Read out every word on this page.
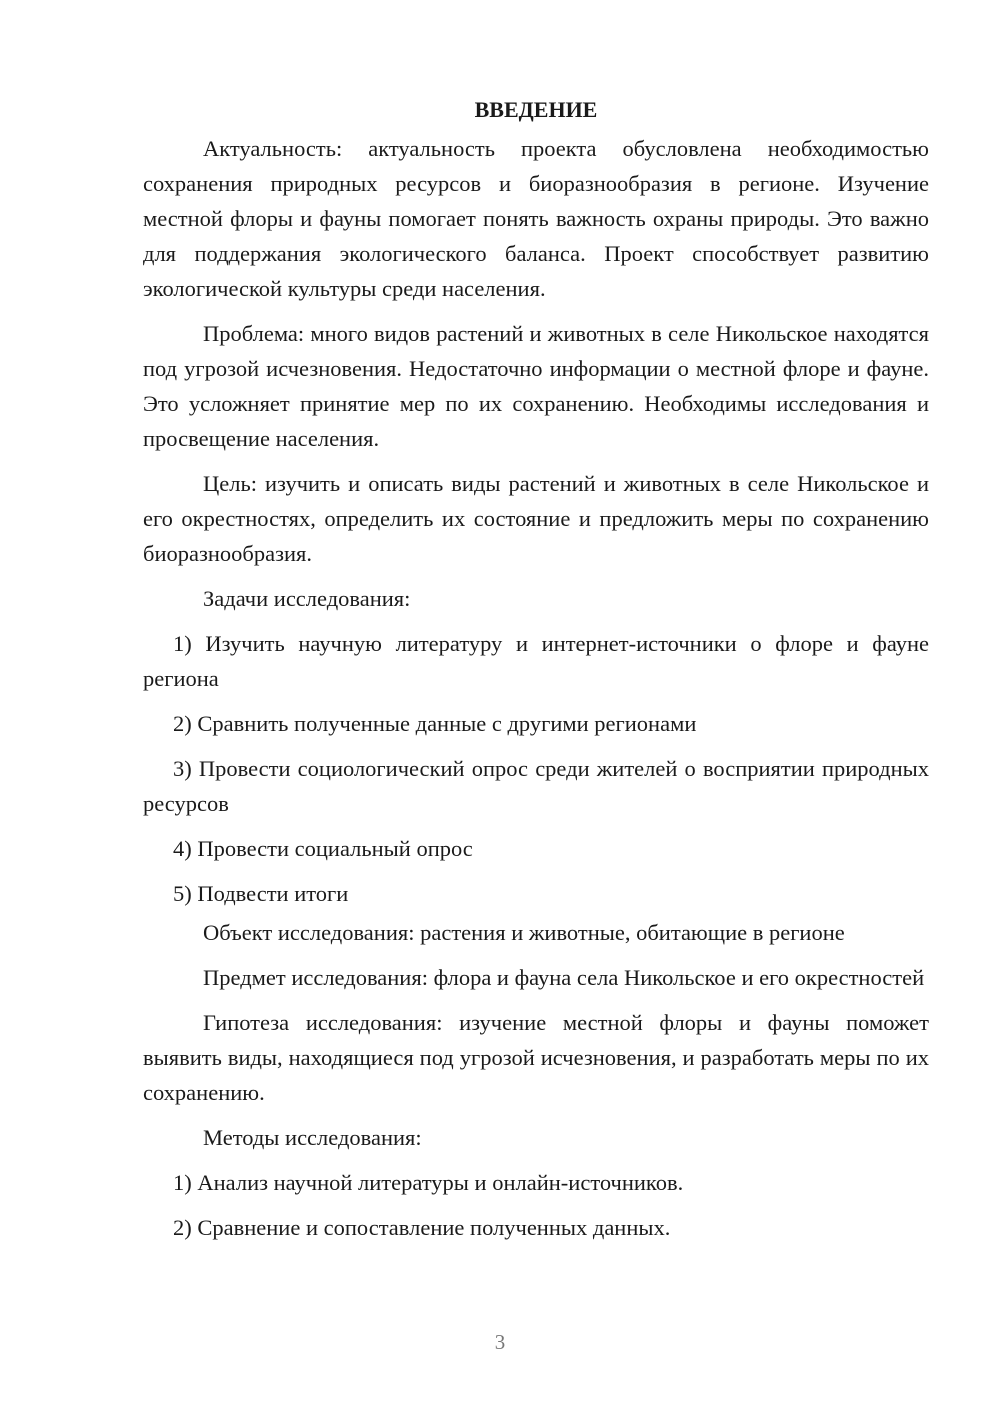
ВВЕДЕНИЕ

Актуальность: актуальность проекта обусловлена необходимостью сохранения природных ресурсов и биоразнообразия в регионе. Изучение местной флоры и фауны помогает понять важность охраны природы. Это важно для поддержания экологического баланса. Проект способствует развитию экологической культуры среди населения.

Проблема: много видов растений и животных в селе Никольское находятся под угрозой исчезновения. Недостаточно информации о местной флоре и фауне. Это усложняет принятие мер по их сохранению. Необходимы исследования и просвещение населения.

Цель: изучить и описать виды растений и животных в селе Никольское и его окрестностях, определить их состояние и предложить меры по сохранению биоразнообразия.

Задачи исследования:

1) Изучить научную литературу и интернет-источники о флоре и фауне региона

2) Сравнить полученные данные с другими регионами

3) Провести социологический опрос среди жителей о восприятии природных ресурсов

4) Провести социальный опрос

5) Подвести итоги

Объект исследования: растения и животные, обитающие в регионе

Предмет исследования: флора и фауна села Никольское и его окрестностей

Гипотеза исследования: изучение местной флоры и фауны поможет выявить виды, находящиеся под угрозой исчезновения, и разработать меры по их сохранению.

Методы исследования:

1) Анализ научной литературы и онлайн-источников.

2) Сравнение и сопоставление полученных данных.

3
